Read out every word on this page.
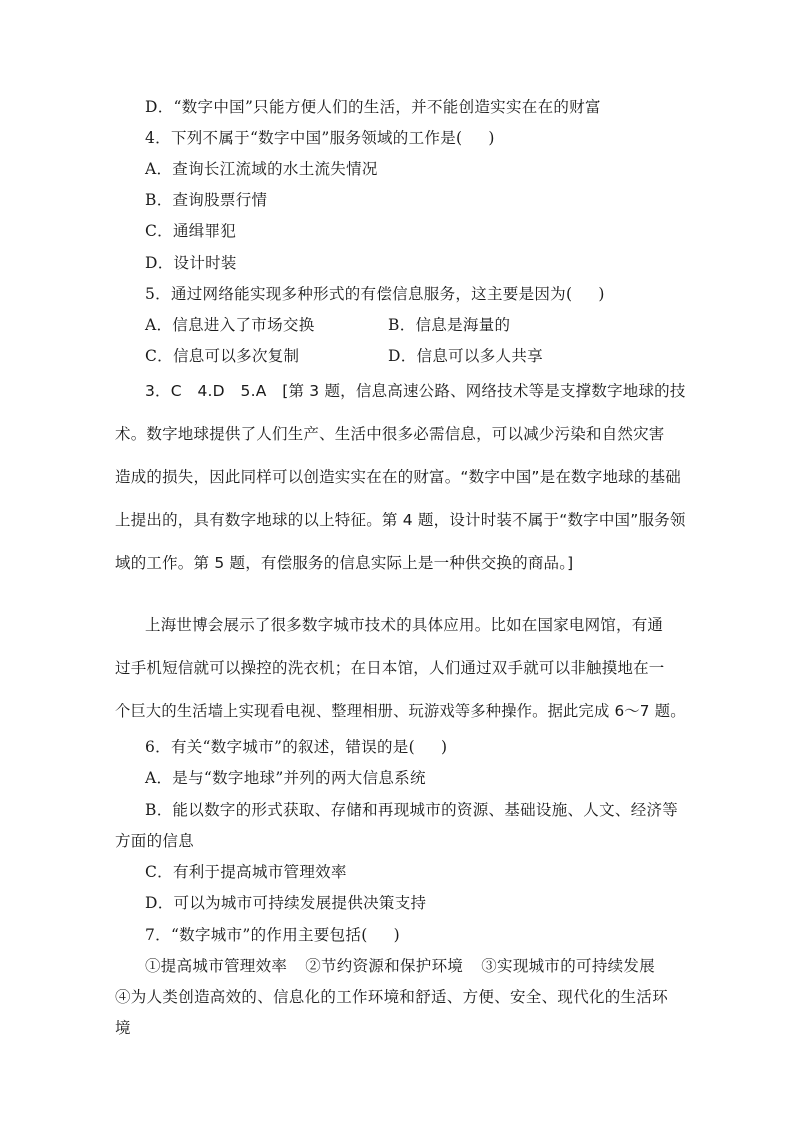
D．“数字中国”只能方便人们的生活，并不能创造实实在在的财富
4．下列不属于“数字中国”服务领域的工作是( )
A．查询长江流域的水土流失情况
B．查询股票行情
C．通缉罪犯
D．设计时装
5．通过网络能实现多种形式的有偿信息服务，这主要是因为( )
A．信息进入了市场交换	B．信息是海量的
C．信息可以多次复制	D．信息可以多人共享
3．C　4.D　5.A　[第 3 题，信息高速公路、网络技术等是支撑数字地球的技
术。数字地球提供了人们生产、生活中很多必需信息，可以减少污染和自然灾害
造成的损失，因此同样可以创造实实在在的财富。“数字中国”是在数字地球的基础
上提出的，具有数字地球的以上特征。第 4 题，设计时装不属于“数字中国”服务领
域的工作。第 5 题，有偿服务的信息实际上是一种供交换的商品。]
上海世博会展示了很多数字城市技术的具体应用。比如在国家电网馆，有通
过手机短信就可以操控的洗衣机；在日本馆，人们通过双手就可以非触摸地在一
个巨大的生活墙上实现看电视、整理相册、玩游戏等多种操作。据此完成 6～7 题。
6．有关“数字城市”的叙述，错误的是( )
A．是与“数字地球”并列的两大信息系统
B．能以数字的形式获取、存储和再现城市的资源、基础设施、人文、经济等
方面的信息
C．有利于提高城市管理效率
D．可以为城市可持续发展提供决策支持
7．“数字城市”的作用主要包括( )
①提高城市管理效率 ②节约资源和保护环境 ③实现城市的可持续发展
④为人类创造高效的、信息化的工作环境和舒适、方便、安全、现代化的生活环
境
